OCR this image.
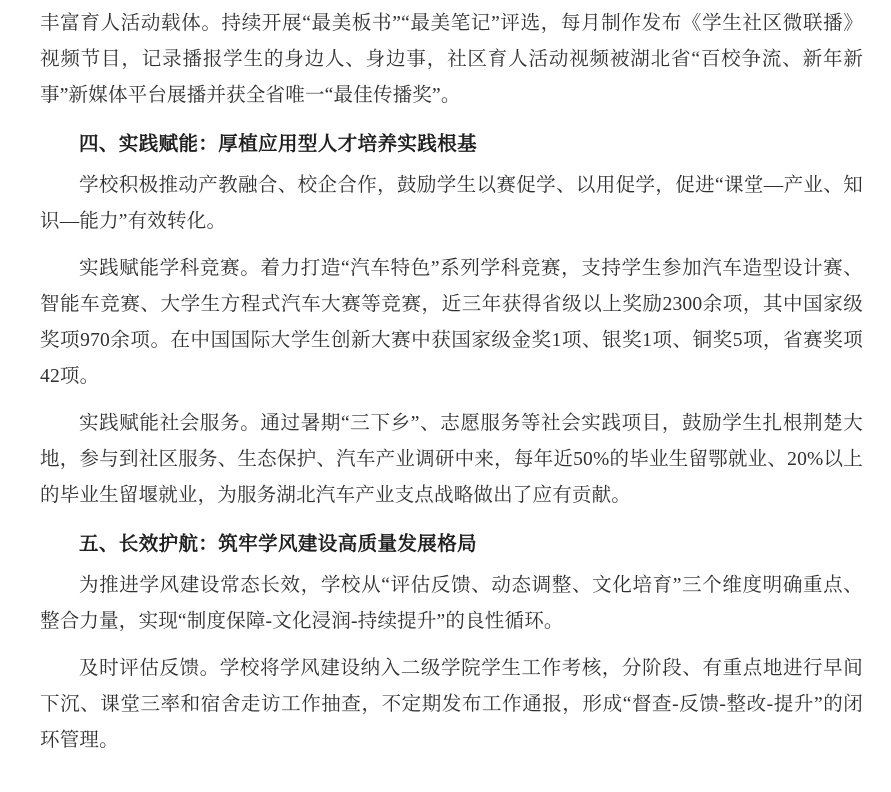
丰富育人活动载体。持续开展“最美板书”“最美笔记”评选，每月制作发布《学生社区微联播》视频节目，记录播报学生的身边人、身边事，社区育人活动视频被湖北省“百校争流、新年新事”新媒体平台展播并获全省唯一“最佳传播奖”。

四、实践赋能：厚植应用型人才培养实践根基

学校积极推动产教融合、校企合作，鼓励学生以赛促学、以用促学，促进“课堂—产业、知识—能力”有效转化。

实践赋能学科竞赛。着力打造“汽车特色”系列学科竞赛，支持学生参加汽车造型设计赛、智能车竞赛、大学生方程式汽车大赛等竞赛，近三年获得省级以上奖励2300余项，其中国家级奖项970余项。在中国国际大学生创新大赛中获国家级金奖1项、银奖1项、铜奖5项，省赛奖项42项。

实践赋能社会服务。通过暑期“三下乡”、志愿服务等社会实践项目，鼓励学生扎根荆楚大地，参与到社区服务、生态保护、汽车产业调研中来，每年近50%的毕业生留鄂就业、20%以上的毕业生留堰就业，为服务湖北汽车产业支点战略做出了应有贡献。

五、长效护航：筑牢学风建设高质量发展格局

为推进学风建设常态长效，学校从“评估反馈、动态调整、文化培育”三个维度明确重点、整合力量，实现“制度保障-文化浸润-持续提升”的良性循环。

及时评估反馈。学校将学风建设纳入二级学院学生工作考核，分阶段、有重点地进行早间下沉、课堂三率和宿舍走访工作抽查，不定期发布工作通报，形成“督查-反馈-整改-提升”的闭环管理。
